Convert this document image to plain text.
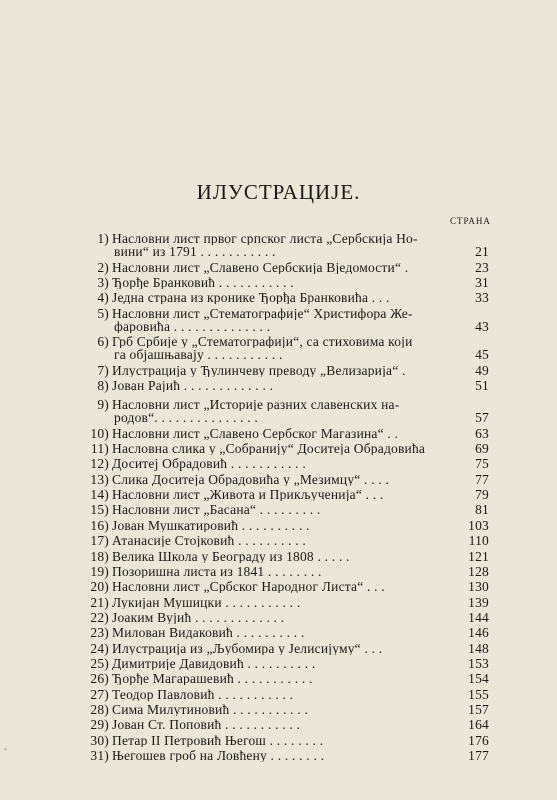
ИЛУСТРАЦИЈЕ.
СТРАНА
1) Насловни лист првог српског листа „Сербскија Но-
вини“ из 1791 . . . . . . . . . . .	21
2) Насловни лист „Славено Сербскија Вједомости“ .	23
3) Ђорђе Бранковић . . . . . . . . . . .	31
4) Једна страна из кронике Ђорђа Бранковића . . .	33
5) Насловни лист „Стематографије“ Христифора Же-
фаровића . . . . . . . . . . . . . .	43
6) Грб Србије у „Стематографији“, са стиховима који
га објашњавају . . . . . . . . . . .	45
7) Илустрација у Ђулинчеву преводу „Велизарија“ .	49
8) Јован Рајић . . . . . . . . . . . . .	51
9) Насловни лист „Историје разних славенских на-
родов“. . . . . . . . . . . . . . .	57
10) Насловни лист „Славено Сербског Магазина“ . .	63
11) Насловна слика у „Собранију“ Доситеја Обрадовића	69
12) Доситеј Обрадовић . . . . . . . . . . .	75
13) Слика Доситеја Обрадовића у „Мезимцу“ . . . .	77
14) Насловни лист „Живота и Прикљученија“ . . .	79
15) Насловни лист „Басана“ . . . . . . . . .	81
16) Јован Мушкатировић . . . . . . . . . .	103
17) Атанасије Стојковић . . . . . . . . . .	110
18) Велика Школа у Београду из 1808 . . . . .	121
19) Позоришна листа из 1841 . . . . . . . .	128
20) Насловни лист „Србског Народног Листа“ . . .	130
21) Лукијан Мушицки . . . . . . . . . . .	139
22) Јоаким Вујић . . . . . . . . . . . . .	144
23) Милован Видаковић . . . . . . . . . .	146
24) Илустрација из „Љубомира у Јелисијуму“ . . .	148
25) Димитрије Давидовић . . . . . . . . . .	153
26) Ђорђе Магарашевић . . . . . . . . . . .	154
27) Теодор Павловић . . . . . . . . . . .	155
28) Сима Милутиновић . . . . . . . . . . .	157
29) Јован Ст. Поповић . . . . . . . . . . .	164
30) Петар II Петровић Његош . . . . . . . .	176
31) Његошев гроб на Ловћену . . . . . . . .	177
◦
